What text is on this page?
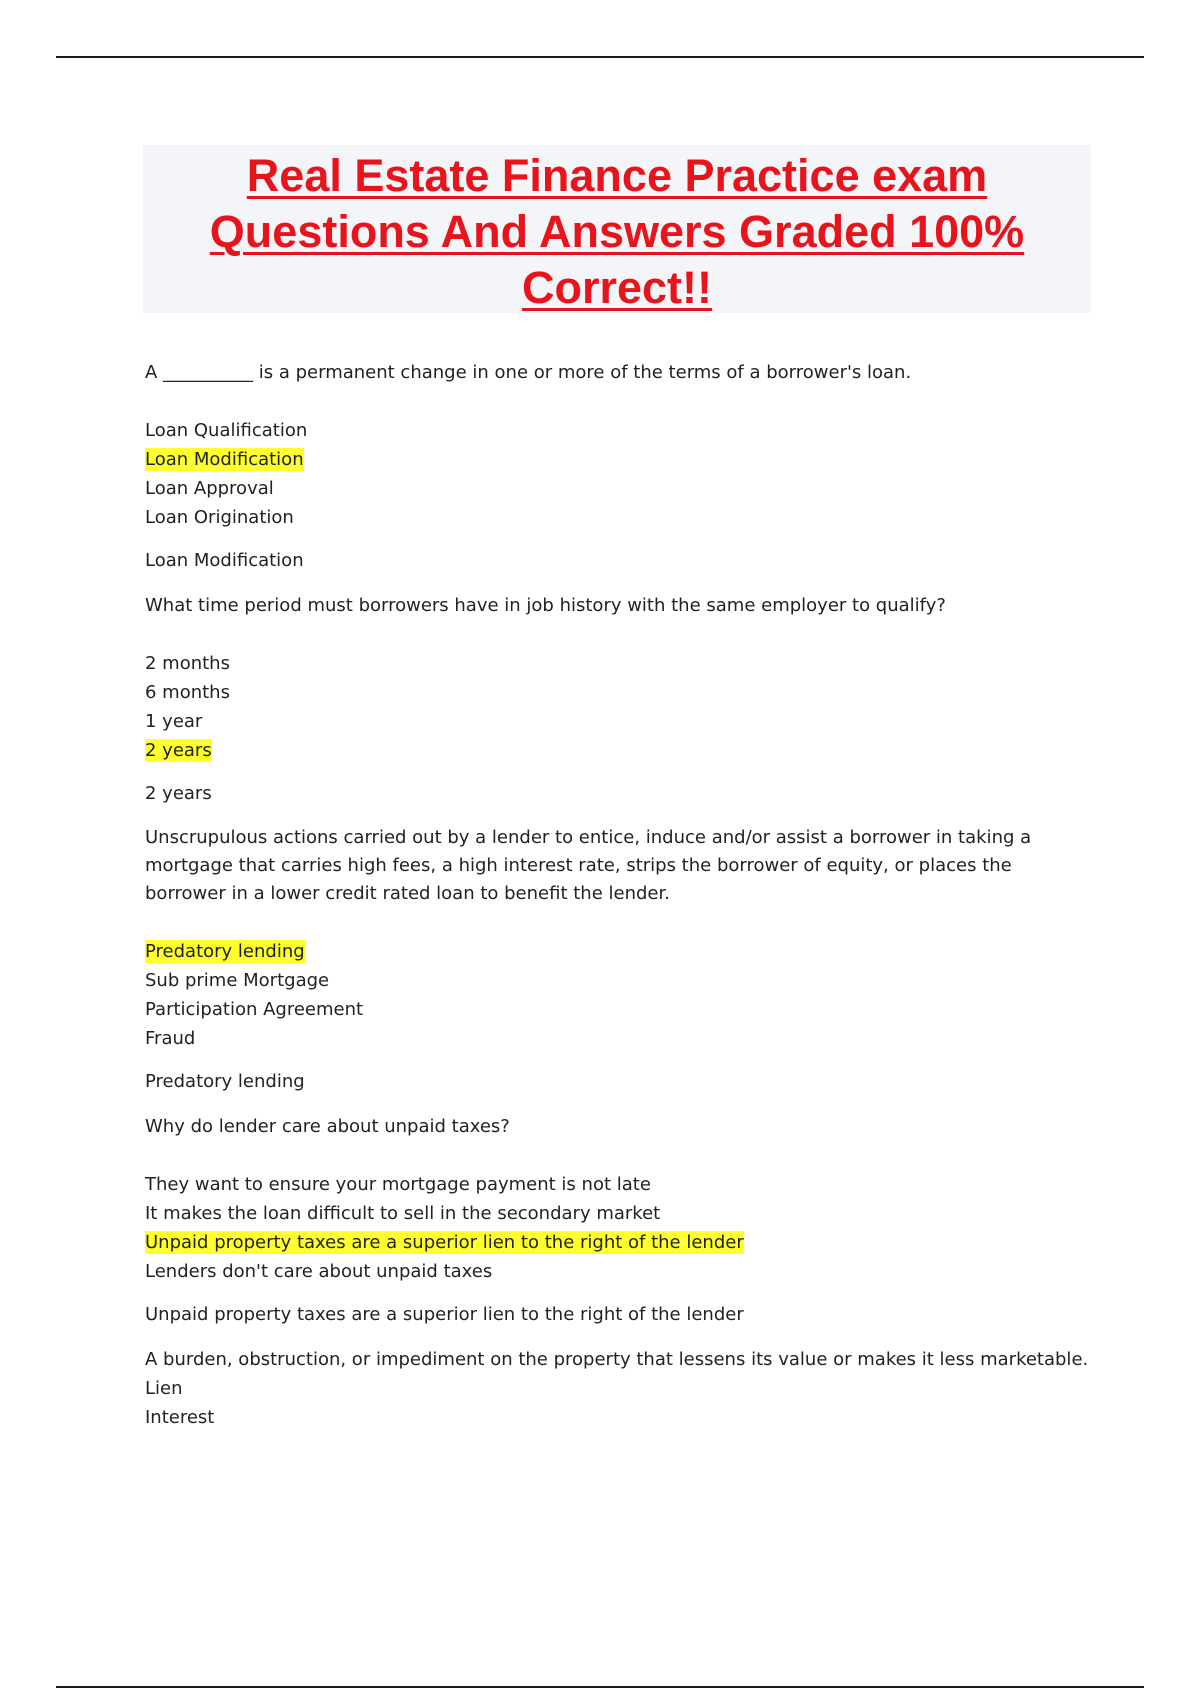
Real Estate Finance Practice exam
Questions And Answers Graded 100%
Correct!!

A __________ is a permanent change in one or more of the terms of a borrower's loan.

Loan Qualification
Loan Modification
Loan Approval
Loan Origination

Loan Modification

What time period must borrowers have in job history with the same employer to qualify?

2 months
6 months
1 year
2 years

2 years

Unscrupulous actions carried out by a lender to entice, induce and/or assist a borrower in taking a mortgage that carries high fees, a high interest rate, strips the borrower of equity, or places the borrower in a lower credit rated loan to benefit the lender.

Predatory lending
Sub prime Mortgage
Participation Agreement
Fraud

Predatory lending

Why do lender care about unpaid taxes?

They want to ensure your mortgage payment is not late
It makes the loan difficult to sell in the secondary market
Unpaid property taxes are a superior lien to the right of the lender
Lenders don't care about unpaid taxes

Unpaid property taxes are a superior lien to the right of the lender

A burden, obstruction, or impediment on the property that lessens its value or makes it less marketable.

Lien
Interest
